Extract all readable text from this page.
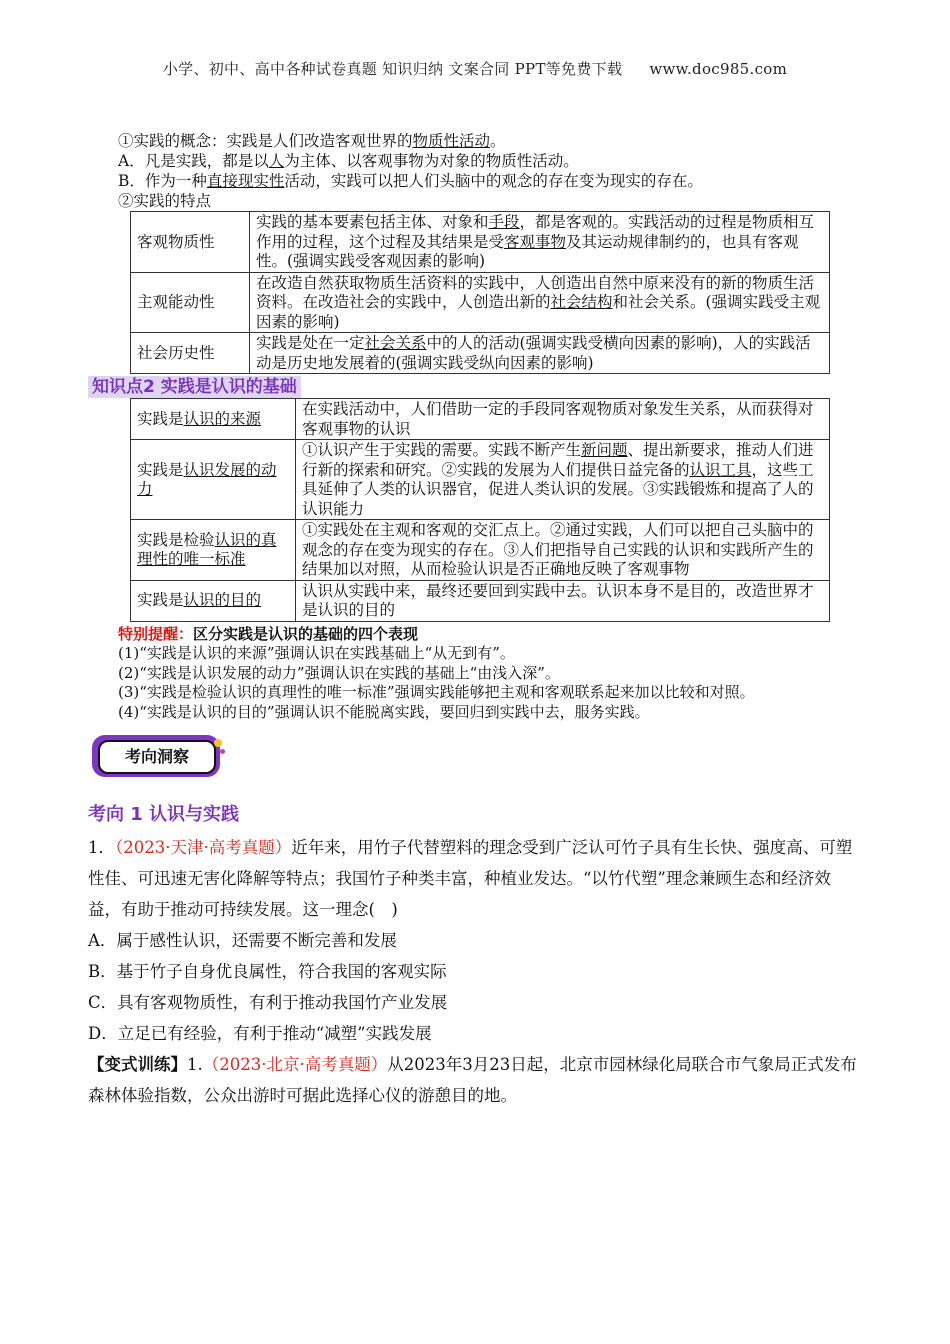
小学、初中、高中各种试卷真题 知识归纳 文案合同 PPT等免费下载 www.doc985.com

①实践的概念：实践是人们改造客观世界的物质性活动。

A．凡是实践，都是以人为主体、以客观事物为对象的物质性活动。

B．作为一种直接现实性活动，实践可以把人们头脑中的观念的存在变为现实的存在。

②实践的特点

客观物质性	实践的基本要素包括主体、对象和手段，都是客观的。实践活动的过程是物质相互作用的过程，这个过程及其结果是受客观事物及其运动规律制约的，也具有客观性。(强调实践受客观因素的影响)
主观能动性	在改造自然获取物质生活资料的实践中，人创造出自然中原来没有的新的物质生活资料。在改造社会的实践中，人创造出新的社会结构和社会关系。(强调实践受主观因素的影响)
社会历史性	实践是处在一定社会关系中的人的活动(强调实践受横向因素的影响)，人的实践活动是历史地发展着的(强调实践受纵向因素的影响)
知识点2 实践是认识的基础
实践是认识的来源	在实践活动中，人们借助一定的手段同客观物质对象发生关系，从而获得对客观事物的认识
实践是认识发展的动力	①认识产生于实践的需要。实践不断产生新问题、提出新要求，推动人们进行新的探索和研究。②实践的发展为人们提供日益完备的认识工具，这些工具延伸了人类的认识器官，促进人类认识的发展。③实践锻炼和提高了人的认识能力
实践是检验认识的真理性的唯一标准	①实践处在主观和客观的交汇点上。②通过实践，人们可以把自己头脑中的观念的存在变为现实的存在。③人们把指导自己实践的认识和实践所产生的结果加以对照，从而检验认识是否正确地反映了客观事物
实践是认识的目的	认识从实践中来，最终还要回到实践中去。认识本身不是目的，改造世界才是认识的目的

特别提醒：区分实践是认识的基础的四个表现

(1)“实践是认识的来源”强调认识在实践基础上“从无到有”。

(2)“实践是认识发展的动力”强调认识在实践的基础上“由浅入深”。

(3)“实践是检验认识的真理性的唯一标准”强调实践能够把主观和客观联系起来加以比较和对照。

(4)“实践是认识的目的”强调认识不能脱离实践，要回归到实践中去，服务实践。

考向洞察
考向 1 认识与实践

1．（2023·天津·高考真题）近年来，用竹子代替塑料的理念受到广泛认可竹子具有生长快、强度高、可塑性佳、可迅速无害化降解等特点；我国竹子种类丰富，种植业发达。“以竹代塑”理念兼顾生态和经济效益，有助于推动可持续发展。这一理念(　)

A．属于感性认识，还需要不断完善和发展

B．基于竹子自身优良属性，符合我国的客观实际

C．具有客观物质性，有利于推动我国竹产业发展

D．立足已有经验，有利于推动“减塑”实践发展

【变式训练】1.（2023·北京·高考真题）从2023年3月23日起，北京市园林绿化局联合市气象局正式发布森林体验指数，公众出游时可据此选择心仪的游憩目的地。
